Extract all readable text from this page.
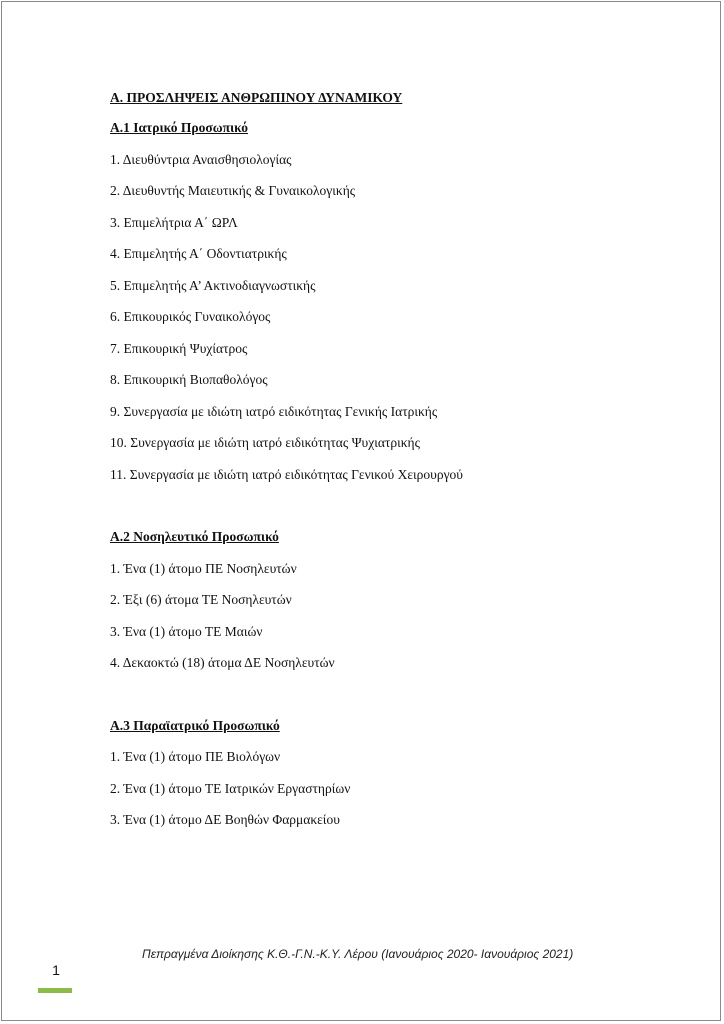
Α. ΠΡΟΣΛΗΨΕΙΣ ΑΝΘΡΩΠΙΝΟΥ ΔΥΝΑΜΙΚΟΥ
Α.1 Ιατρικό Προσωπικό
1. Διευθύντρια Αναισθησιολογίας
2. Διευθυντής Μαιευτικής & Γυναικολογικής
3. Επιμελήτρια Α΄ ΩΡΛ
4. Επιμελητής Α΄ Οδοντιατρικής
5. Επιμελητής Α’ Ακτινοδιαγνωστικής
6. Επικουρικός Γυναικολόγος
7. Επικουρική Ψυχίατρος
8. Επικουρική Βιοπαθολόγος
9. Συνεργασία με ιδιώτη ιατρό ειδικότητας Γενικής Ιατρικής
10. Συνεργασία με ιδιώτη ιατρό ειδικότητας Ψυχιατρικής
11. Συνεργασία με ιδιώτη ιατρό ειδικότητας Γενικού Χειρουργού
Α.2 Νοσηλευτικό Προσωπικό
1. Ένα (1) άτομο ΠΕ Νοσηλευτών
2. Έξι (6) άτομα ΤΕ Νοσηλευτών
3. Ένα (1) άτομο ΤΕ Μαιών
4. Δεκαοκτώ (18) άτομα ΔΕ Νοσηλευτών
Α.3 Παραϊατρικό Προσωπικό
1. Ένα (1) άτομο ΠΕ Βιολόγων
2. Ένα (1) άτομο ΤΕ Ιατρικών Εργαστηρίων
3. Ένα (1) άτομο ΔΕ Βοηθών Φαρμακείου
Πεπραγμένα Διοίκησης Κ.Θ.-Γ.Ν.-Κ.Υ. Λέρου (Ιανουάριος 2020- Ιανουάριος 2021)
1
